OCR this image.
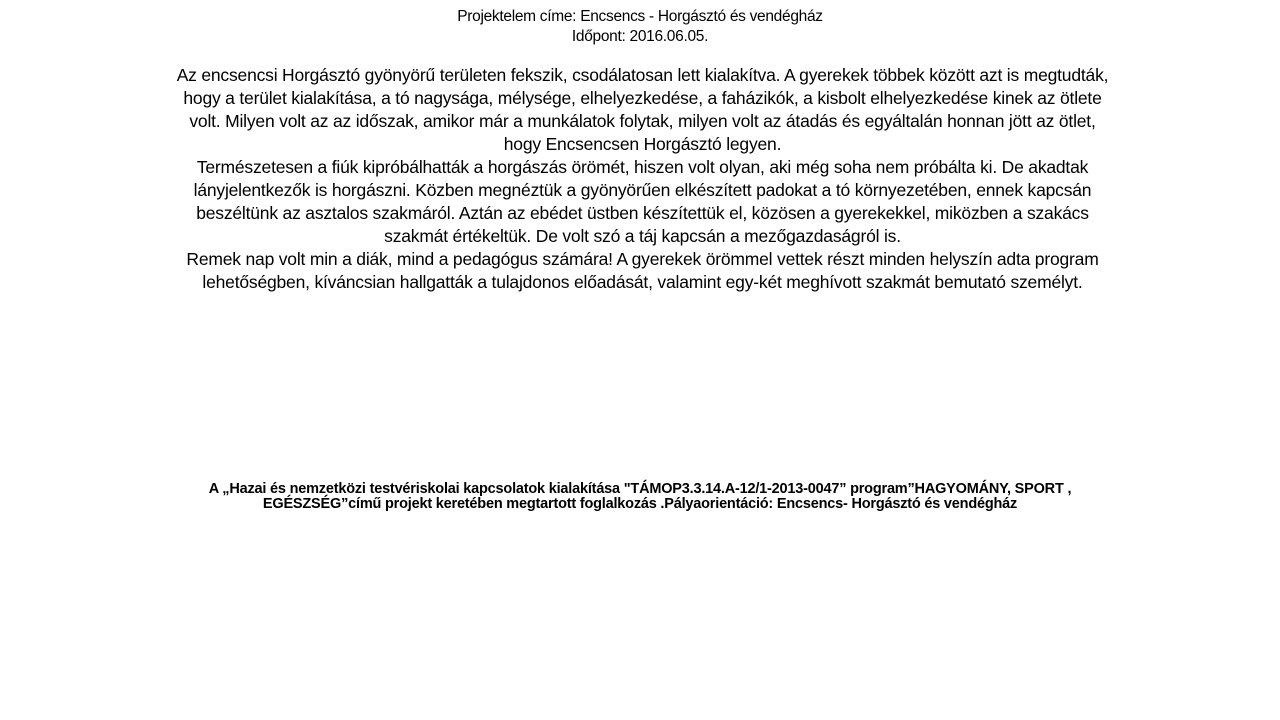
Projektelem címe: Encsencs - Horgásztó és vendégház
Időpont: 2016.06.05.

Az encsencsi Horgásztó gyönyörű területen fekszik, csodálatosan lett kialakítva. A gyerekek többek között azt is megtudták, hogy a terület kialakítása, a tó nagysága, mélysége, elhelyezkedése, a faházikók, a kisbolt elhelyezkedése kinek az ötlete volt. Milyen volt az az időszak, amikor már a munkálatok folytak, milyen volt az átadás és egyáltalán honnan jött az ötlet, hogy Encsencsen Horgásztó legyen.

Természetesen a fiúk kipróbálhatták a horgászás örömét, hiszen volt olyan, aki még soha nem próbálta ki. De akadtak lányjelentkezők is horgászni. Közben megnéztük a gyönyörűen elkészített padokat a tó környezetében, ennek kapcsán beszéltünk az asztalos szakmáról. Aztán az ebédet üstben készítettük el, közösen a gyerekekkel, miközben a szakács szakmát értékeltük. De volt szó a táj kapcsán a mezőgazdaságról is.

Remek nap volt min a diák, mind a pedagógus számára! A gyerekek örömmel vettek részt minden helyszín adta program lehetőségben, kíváncsian hallgatták a tulajdonos előadását, valamint egy-két meghívott szakmát bemutató személyt.

A „Hazai és nemzetközi testvériskolai kapcsolatok kialakítása "TÁMOP3.3.14.A-12/1-2013-0047” program”HAGYOMÁNY, SPORT , EGÉSZSÉG”című projekt keretében megtartott foglalkozás .Pályaorientáció: Encsencs- Horgásztó és vendégház
